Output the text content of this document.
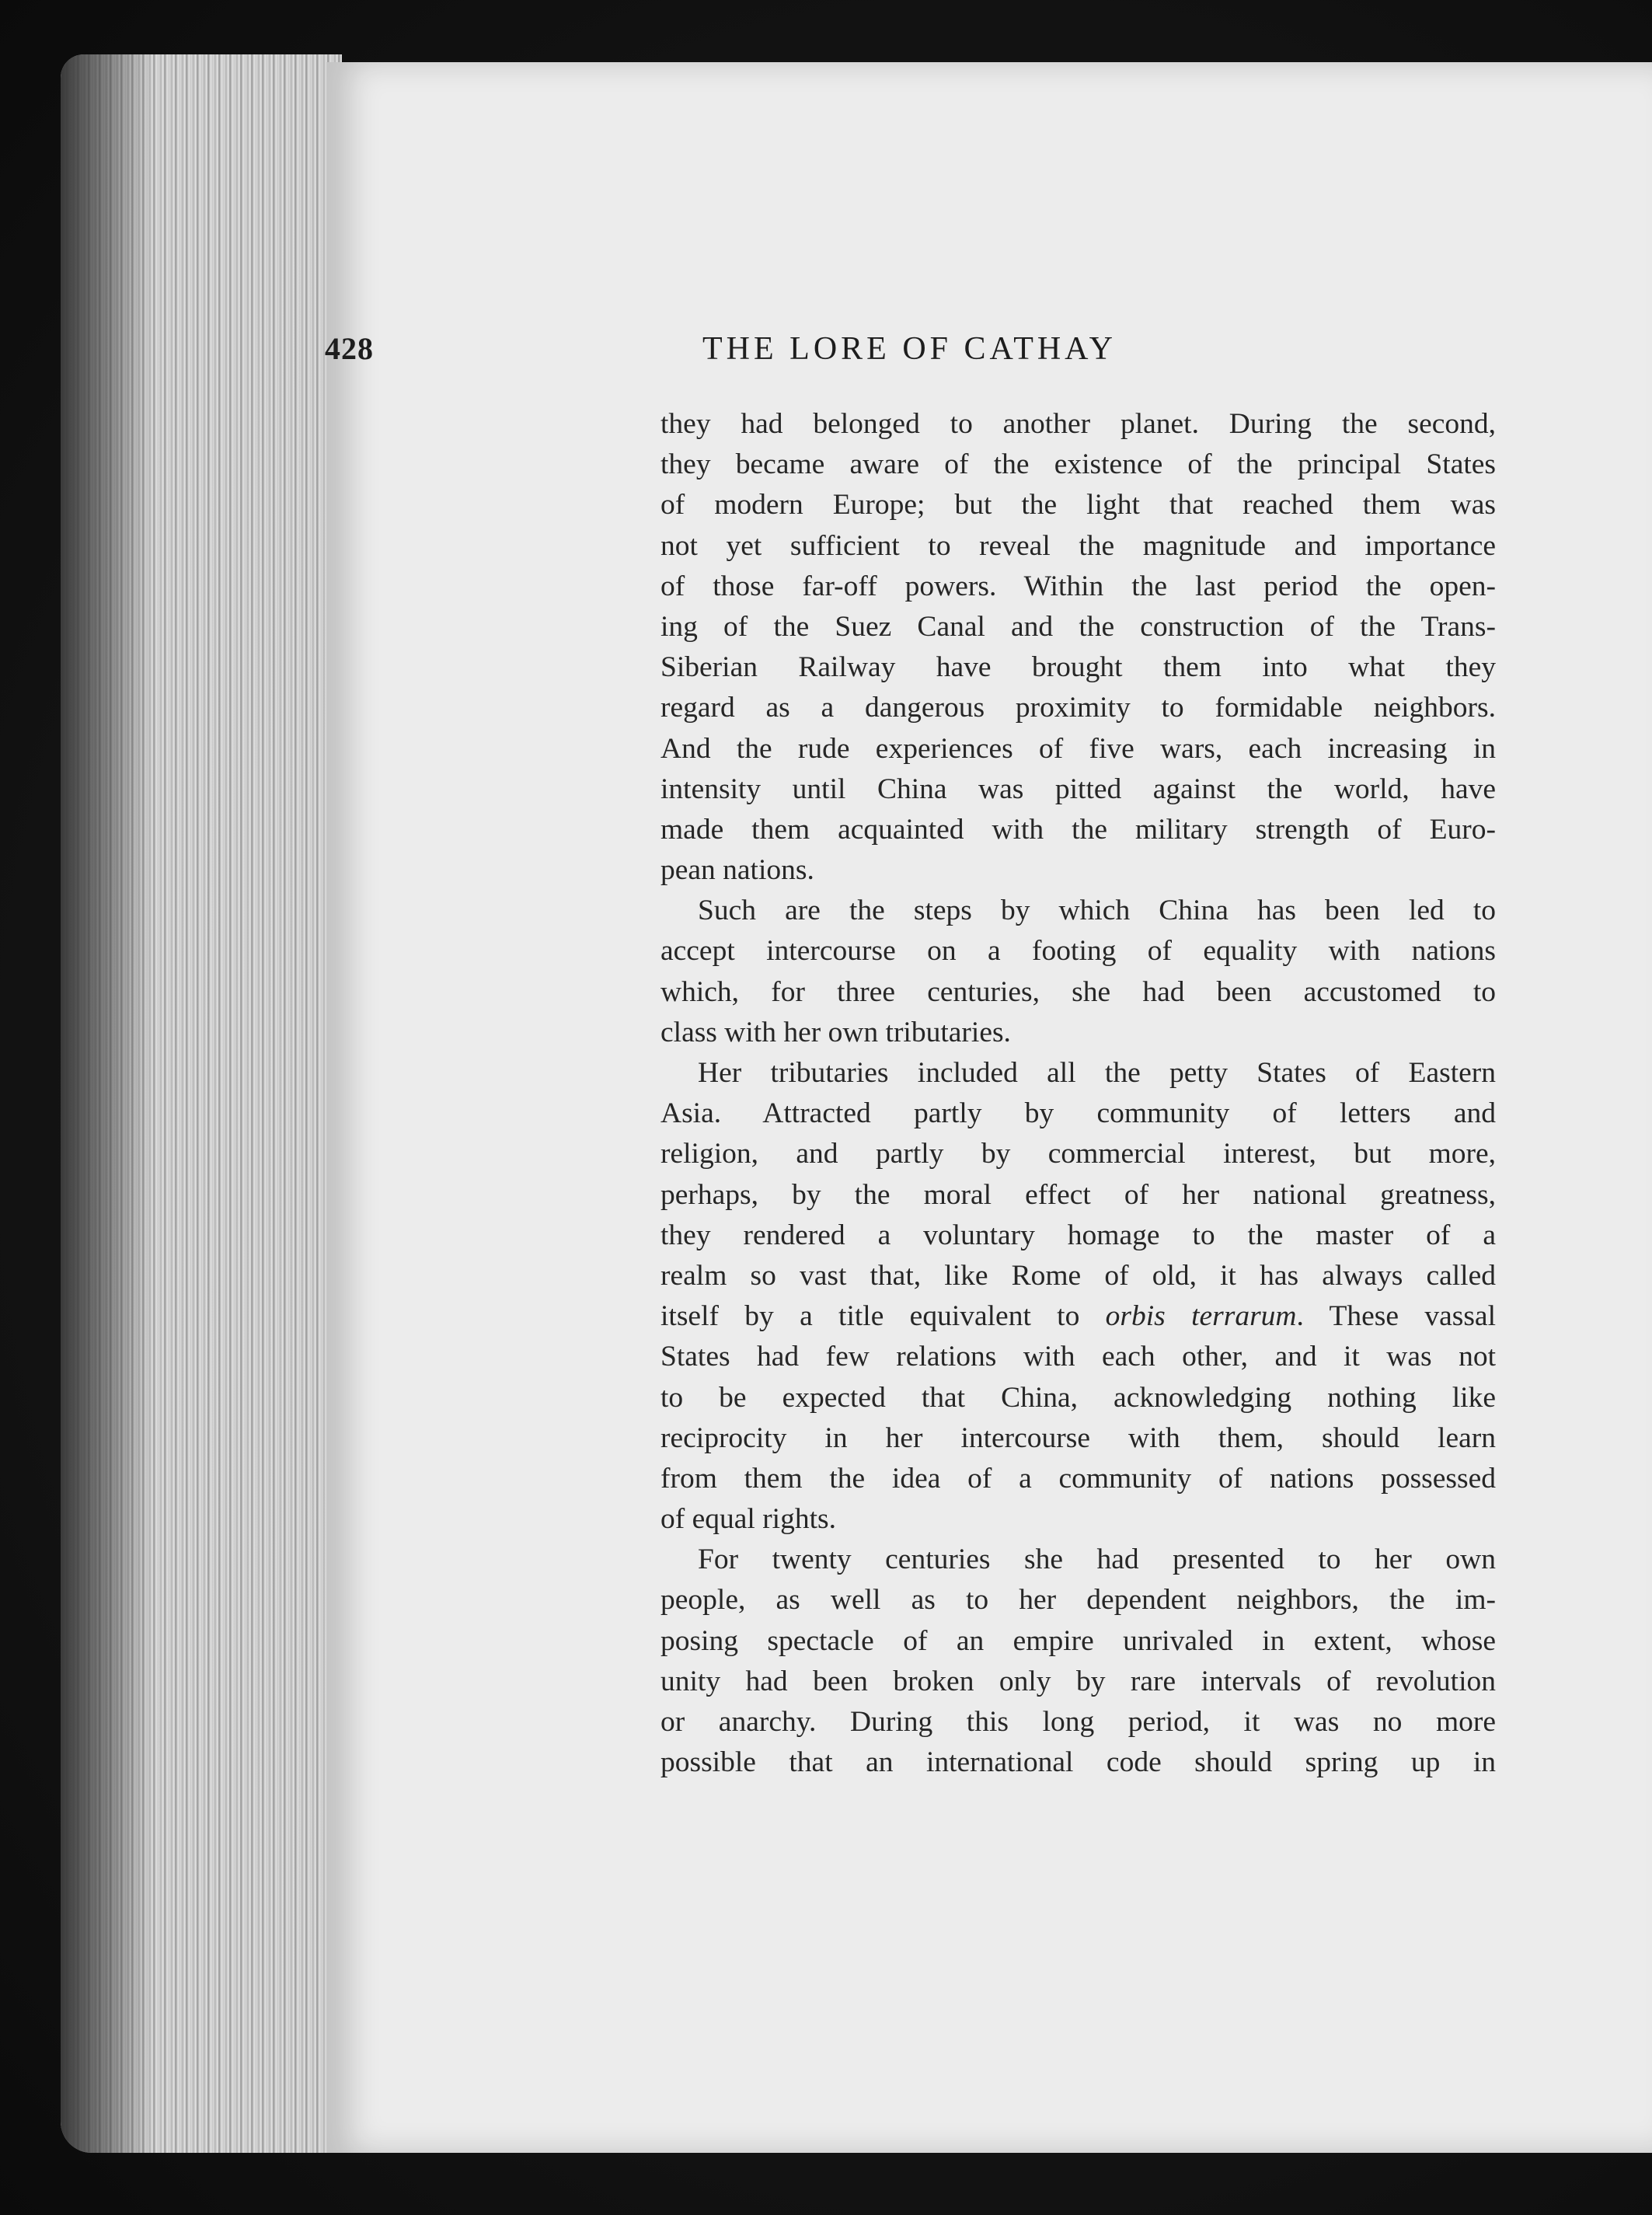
428	THE LORE OF CATHAY
they had belonged to another planet. During the second,
they became aware of the existence of the principal States
of modern Europe; but the light that reached them was
not yet sufficient to reveal the magnitude and importance
of those far-off powers. Within the last period the open-
ing of the Suez Canal and the construction of the Trans-
Siberian Railway have brought them into what they
regard as a dangerous proximity to formidable neighbors.
And the rude experiences of five wars, each increasing in
intensity until China was pitted against the world, have
made them acquainted with the military strength of Euro-
pean nations.
Such are the steps by which China has been led to
accept intercourse on a footing of equality with nations
which, for three centuries, she had been accustomed to
class with her own tributaries.
Her tributaries included all the petty States of Eastern
Asia. Attracted partly by community of letters and
religion, and partly by commercial interest, but more,
perhaps, by the moral effect of her national greatness,
they rendered a voluntary homage to the master of a
realm so vast that, like Rome of old, it has always called
itself by a title equivalent to orbis terrarum. These vassal
States had few relations with each other, and it was not
to be expected that China, acknowledging nothing like
reciprocity in her intercourse with them, should learn
from them the idea of a community of nations possessed
of equal rights.
For twenty centuries she had presented to her own
people, as well as to her dependent neighbors, the im-
posing spectacle of an empire unrivaled in extent, whose
unity had been broken only by rare intervals of revolution
or anarchy. During this long period, it was no more
possible that an international code should spring up in
